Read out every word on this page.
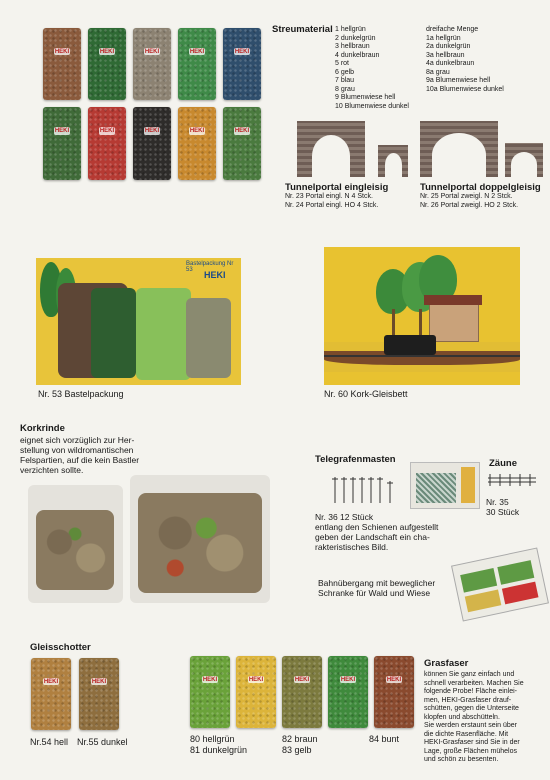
HEKI	HEKI	HEKI	HEKI	HEKI
HEKI	HEKI	HEKI	HEKI	HEKI
Streumaterial 1 hellgrün
2 dunkelgrün
3 hellbraun
4 dunkelbraun
5 rot
6 gelb
7 blau
8 grau
9 Blumenwiese hell
10 Blumenwiese dunkel
dreifache Menge
1a hellgrün
2a dunkelgrün
3a hellbraun
4a dunkelbraun
8a grau
9a Blumenwiese hell
10a Blumenwiese dunkel
Tunnelportal eingleisig
Nr. 23 Portal eingl. N 4 Stck.
Nr. 24 Portal eingl. HO 4 Stck.
Tunnelportal doppelgleisig
Nr. 25 Portal zweigl. N 2 Stck.
Nr. 26 Portal zweigl. HO 2 Stck.
Bastelpackung Nr 53	HEKI
Nr. 53 Bastelpackung	Nr. 60 Kork-Gleisbett
Korkrinde
eignet sich vorzüglich zur Her-
stellung von wildromantischen
Felspartien, auf die kein Bastler
verzichten sollte.
Telegrafenmasten
Nr. 36 12 Stück
entlang den Schienen aufgestellt
geben der Landschaft ein cha-
rakteristisches Bild.
Zäune
Nr. 35
30 Stück
Bahnübergang mit beweglicher
Schranke für Wald und Wiese
Gleisschotter
HEKI	HEKI
Nr.54 hell Nr.55 dunkel
HEKI	HEKI	HEKI	HEKI	HEKI
80 hellgrün
81 dunkelgrün
82 braun
83 gelb
84 bunt
Grasfaser
können Sie ganz einfach und
schnell verarbeiten. Machen Sie
folgende Probe! Fläche einlei-
men, HEKI-Grasfaser drauf-
schütten, gegen die Unterseite
klopfen und abschütteln.
Sie werden erstaunt sein über
die dichte Rasenfläche. Mit
HEKI-Grasfaser sind Sie in der
Lage, große Flächen mühelos
und schön zu besenten.
